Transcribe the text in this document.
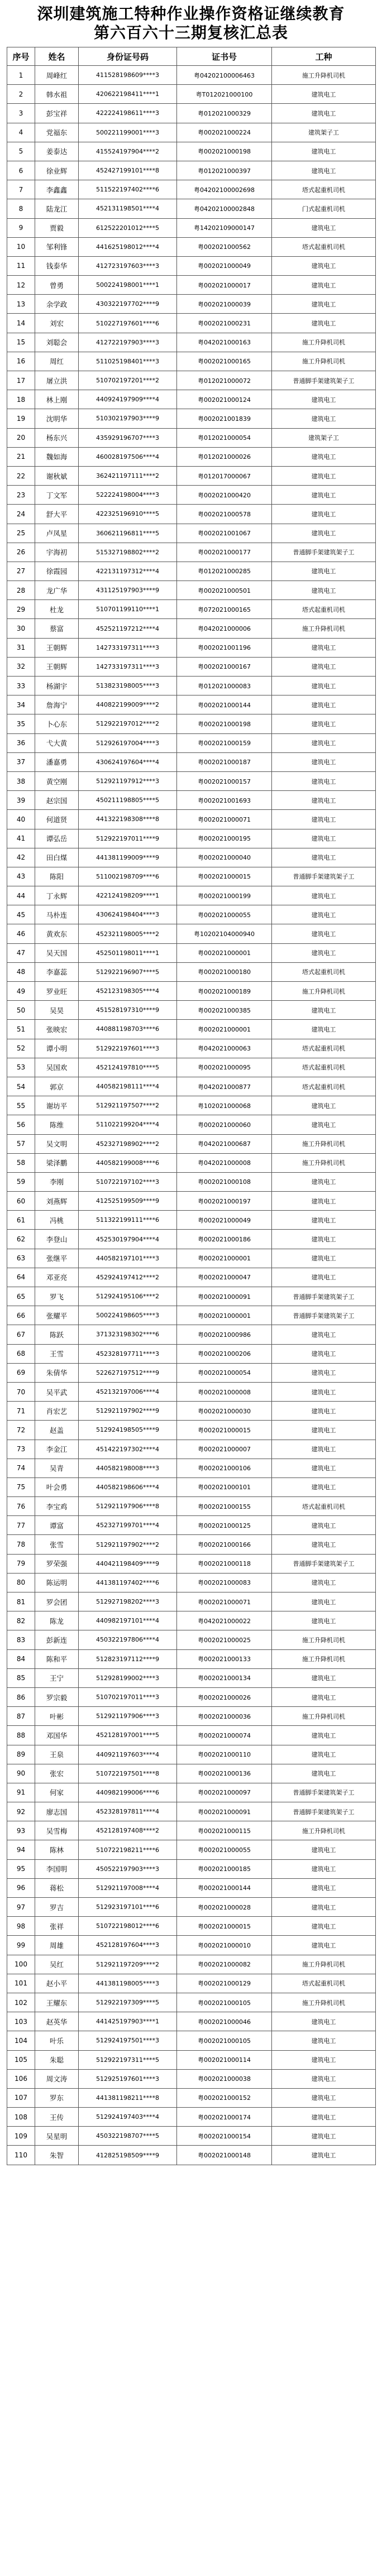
深圳建筑施工特种作业操作资格证继续教育
第六百六十三期复核汇总表
序号	姓名	身份证号码	证书号	工种
1	周峰红	411528198609****3	粤04202100006463	施工升降机司机
2	韩水祖	420622198411****1	粤T012021000100	建筑电工
3	彭宝祥	422224198611****3	粤012021000329	建筑电工
4	党福东	500221199001****3	粤002021000224	建筑架子工
5	姜泰达	415524197904****2	粤002021000198	建筑电工
6	徐业辉	452427199101****8	粤012021000397	建筑电工
7	李鑫鑫	511522197402****6	粤04202100002698	塔式起重机司机
8	陆龙江	452131198501****4	粤04202100002848	门式起重机司机
9	贾毅	612522201012****5	粤14202109000147	建筑电工
10	邹利锋	441625198012****4	粤002021000562	塔式起重机司机
11	钱泰华	412723197603****3	粤002021000049	建筑电工
12	曾勇	500224198001****1	粤002021000017	建筑电工
13	余学政	430322197702****9	粤002021000039	建筑电工
14	刘宏	510227197601****6	粤002021000231	建筑电工
15	刘聪会	412722197903****3	粤042021000163	施工升降机司机
16	周红	511025198401****3	粤002021000165	施工升降机司机
17	屠立洪	510702197201****2	粤012021000072	普通脚手架建筑架子工
18	林上刚	440924197909****4	粤002021000124	建筑电工
19	沈明华	510302197903****9	粤002021001839	建筑电工
20	杨东兴	435929196707****3	粤012021000054	建筑架子工
21	魏如海	460028197506****4	粤012021000026	建筑电工
22	谢秋斌	362421197111****2	粤012017000067	建筑电工
23	丁文军	522224198004****3	粤002021000420	建筑电工
24	舒大平	422325196910****5	粤002021000578	建筑电工
25	卢凤星	360621196811****5	粤002021001067	建筑电工
26	宇海初	515327198802****2	粤002021000177	普通脚手架建筑架子工
27	徐霞园	422131197312****4	粤012021000285	建筑电工
28	龙广华	431125197903****9	粤002021000501	建筑电工
29	杜龙	510701199110****1	粤072021000165	塔式起重机司机
30	蔡富	452521197212****4	粤042021000006	施工升降机司机
31	王朝辉	142733197311****3	粤002021001196	建筑电工
32	王朝辉	142733197311****3	粤002021000167	建筑电工
33	杨湖宇	513823198005****3	粤012021000083	建筑电工
34	詹海宁	440822199009****2	粤002021000144	建筑电工
35	卜心东	512922197012****2	粤002021000198	建筑电工
36	弋大黄	512926197004****3	粤002021000159	建筑电工
37	潘嘉勇	430624197604****4	粤002021000187	建筑电工
38	黄空刚	512921197912****3	粤002021000157	建筑电工
39	赵宗国	450211198805****5	粤002021001693	建筑电工
40	何道贤	441322198308****8	粤002021000071	建筑电工
41	谭弘岳	512922197011****9	粤002021000195	建筑电工
42	田白煤	441381199009****9	粤002021000040	建筑电工
43	陈阳	511002198709****6	粤002021000015	普通脚手架建筑架子工
44	丁永辉	422124198209****1	粤002021000199	建筑电工
45	马朴连	430624198404****3	粤002021000055	建筑电工
46	黄欢东	452321198005****2	粤10202104000940	建筑电工
47	吴天国	452501198011****1	粤002021000001	建筑电工
48	李嘉蕊	512922196907****5	粤002021000180	塔式起重机司机
49	罗业旺	452123198305****4	粤002021000189	施工升降机司机
50	吴昊	451528197310****9	粤002021000385	建筑电工
51	张映宏	440881198703****6	粤002021000001	建筑电工
52	谭小明	512922197601****3	粤042021000063	塔式起重机司机
53	吴国欢	452124197810****5	粤002021000095	塔式起重机司机
54	郭京	440582198111****4	粤042021000877	塔式起重机司机
55	谢坊平	512921197507****2	粤102021000068	建筑电工
56	陈维	511022199204****4	粤002021000060	建筑电工
57	吴文明	452327198902****2	粤042021000687	施工升降机司机
58	梁泽鹏	440582199008****6	粤042021000008	施工升降机司机
59	李刚	510722197102****3	粤002021000108	建筑电工
60	刘燕辉	412525199509****9	粤002021000197	建筑电工
61	冯桃	511322199111****6	粤002021000049	建筑电工
62	李登山	452530197904****4	粤002021000186	建筑电工
63	张继平	440582197101****3	粤002021000001	建筑电工
64	邓亚亮	452924197412****2	粤002021000047	建筑电工
65	罗飞	512924195106****2	粤002021000091	普通脚手架建筑架子工
66	张耀平	500224198605****3	粤002021000001	普通脚手架建筑架子工
67	陈跃	371323198302****6	粤002021000986	建筑电工
68	王雪	452328197711****3	粤002021000206	建筑电工
69	朱倩华	522627197512****9	粤002021000054	建筑电工
70	吴平武	452132197006****4	粤002021000008	建筑电工
71	肖宏艺	512921197902****9	粤002021000030	建筑电工
72	赵盖	512924198505****9	粤002021000015	建筑电工
73	李金江	451422197302****4	粤002021000007	建筑电工
74	吴青	440582198008****3	粤002021000106	建筑电工
75	叶会勇	440582198606****4	粤002021000101	建筑电工
76	李宝鸡	512921197906****8	粤002021000155	塔式起重机司机
77	谭富	452327199701****4	粤002021000125	建筑电工
78	张雪	512921197902****2	粤002021000166	建筑电工
79	罗荣强	440421198409****9	粤002021000118	普通脚手架建筑架子工
80	陈运明	441381197402****6	粤002021000083	建筑电工
81	罗会团	512927198202****3	粤002021000071	建筑电工
82	陈龙	440982197101****4	粤042021000022	建筑电工
83	彭新连	450322197806****4	粤002021000025	施工升降机司机
84	陈和平	512823197112****9	粤002021000133	施工升降机司机
85	王宁	512928199002****3	粤002021000134	建筑电工
86	罗宗毅	510702197011****3	粤002021000026	建筑电工
87	叶彬	512921197906****3	粤002021000036	施工升降机司机
88	邓国华	452128197001****5	粤002021000074	建筑电工
89	王泉	440921197603****4	粤002021000110	建筑电工
90	张宏	510722197501****8	粤002021000136	建筑电工
91	何家	440982199006****6	粤002021000097	普通脚手架建筑架子工
92	廖志国	452328197811****4	粤002021000091	普通脚手架建筑架子工
93	吴雪梅	452128197408****2	粤002021000115	施工升降机司机
94	陈林	510722198211****6	粤002021000055	建筑电工
95	李国明	450522197903****3	粤002021000185	建筑电工
96	蒋松	512921197008****4	粤002021000144	建筑电工
97	罗吉	512923197101****6	粤002021000028	建筑电工
98	张祥	510722198012****6	粤002021000015	建筑电工
99	周雄	452128197604****3	粤002021000010	建筑电工
100	吴红	512921197209****2	粤002021000082	施工升降机司机
101	赵小平	441381198005****3	粤002021000129	塔式起重机司机
102	王耀东	512922197309****5	粤002021000105	施工升降机司机
103	赵英华	441425197903****1	粤002021000046	建筑电工
104	叶乐	512924197501****3	粤002021000105	建筑电工
105	朱聪	512922197311****5	粤002021000114	建筑电工
106	周文涛	512925197601****3	粤002021000038	建筑电工
107	罗东	441381198211****8	粤002021000152	建筑电工
108	王传	512924197403****4	粤002021000174	建筑电工
109	吴星明	450322198707****5	粤002021000154	建筑电工
110	朱智	412825198509****9	粤002021000148	建筑电工
